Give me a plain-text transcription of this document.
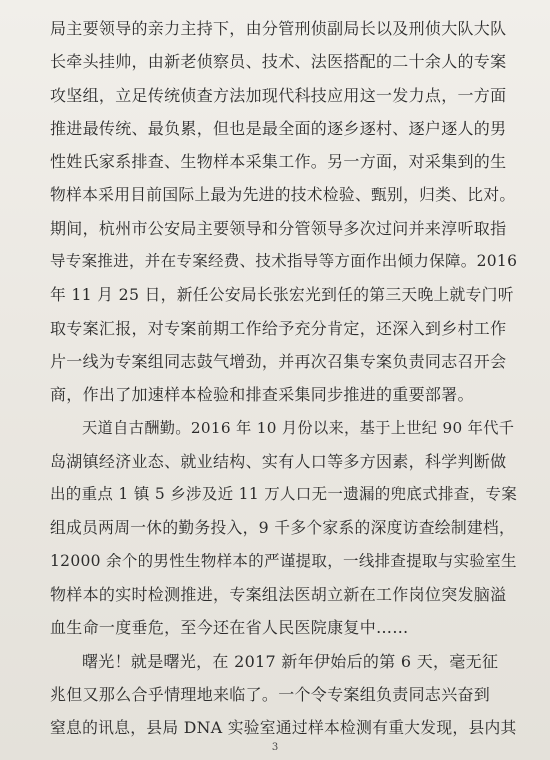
局主要领导的亲力主持下，由分管刑侦副局长以及刑侦大队大队
长牵头挂帅，由新老侦察员、技术、法医搭配的二十余人的专案
攻坚组，立足传统侦查方法加现代科技应用这一发力点，一方面
推进最传统、最负累，但也是最全面的逐乡逐村、逐户逐人的男
性姓氏家系排查、生物样本采集工作。另一方面，对采集到的生
物样本采用目前国际上最为先进的技术检验、甄别，归类、比对。
期间，杭州市公安局主要领导和分管领导多次过问并来淳听取指
导专案推进，并在专案经费、技术指导等方面作出倾力保障。2016
年 11 月 25 日，新任公安局长张宏光到任的第三天晚上就专门听
取专案汇报，对专案前期工作给予充分肯定，还深入到乡村工作
片一线为专案组同志鼓气增劲，并再次召集专案负责同志召开会
商，作出了加速样本检验和排查采集同步推进的重要部署。

天道自古酬勤。2016 年 10 月份以来，基于上世纪 90 年代千
岛湖镇经济业态、就业结构、实有人口等多方因素，科学判断做
出的重点 1 镇 5 乡涉及近 11 万人口无一遗漏的兜底式排查，专案
组成员两周一休的勤务投入，9 千多个家系的深度访查绘制建档，
12000 余个的男性生物样本的严谨提取，一线排查提取与实验室生
物样本的实时检测推进，专案组法医胡立新在工作岗位突发脑溢
血生命一度垂危，至今还在省人民医院康复中……

曙光！就是曙光，在 2017 新年伊始后的第 6 天，毫无征
兆但又那么合乎情理地来临了。一个令专案组负责同志兴奋到
窒息的讯息，县局 DNA 实验室通过样本检测有重大发现，县内其

3
